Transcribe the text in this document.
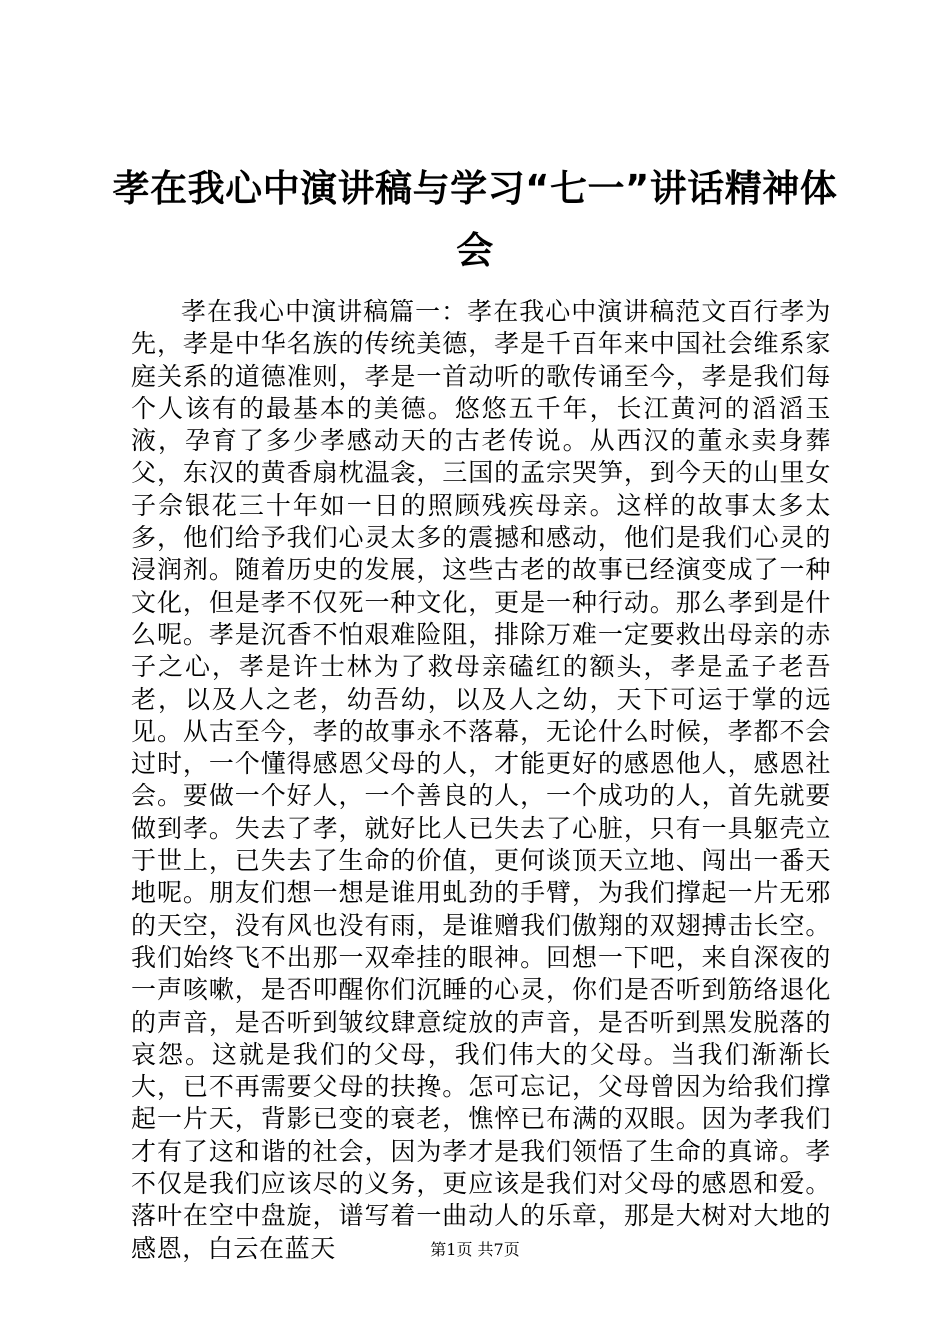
孝在我心中演讲稿与学习“七一”讲话精神体会

孝在我心中演讲稿篇一：孝在我心中演讲稿范文百行孝为先，孝是中华名族的传统美德，孝是千百年来中国社会维系家庭关系的道德准则，孝是一首动听的歌传诵至今，孝是我们每个人该有的最基本的美德。悠悠五千年，长江黄河的滔滔玉液，孕育了多少孝感动天的古老传说。从西汉的董永卖身葬父，东汉的黄香扇枕温衾，三国的孟宗哭笋，到今天的山里女子佘银花三十年如一日的照顾残疾母亲。这样的故事太多太多，他们给予我们心灵太多的震撼和感动，他们是我们心灵的浸润剂。随着历史的发展，这些古老的故事已经演变成了一种文化，但是孝不仅死一种文化，更是一种行动。那么孝到是什么呢。孝是沉香不怕艰难险阻，排除万难一定要救出母亲的赤子之心，孝是许士林为了救母亲磕红的额头，孝是孟子老吾老，以及人之老，幼吾幼，以及人之幼，天下可运于掌的远见。从古至今，孝的故事永不落幕，无论什么时候，孝都不会过时，一个懂得感恩父母的人，才能更好的感恩他人，感恩社会。要做一个好人，一个善良的人，一个成功的人，首先就要做到孝。失去了孝，就好比人已失去了心脏，只有一具躯壳立于世上，已失去了生命的价值，更何谈顶天立地、闯出一番天地呢。朋友们想一想是谁用虬劲的手臂，为我们撑起一片无邪的天空，没有风也没有雨，是谁赠我们傲翔的双翅搏击长空。我们始终飞不出那一双牵挂的眼神。回想一下吧，来自深夜的一声咳嗽，是否叩醒你们沉睡的心灵，你们是否听到筋络退化的声音，是否听到皱纹肆意绽放的声音，是否听到黑发脱落的哀怨。这就是我们的父母，我们伟大的父母。当我们渐渐长大，已不再需要父母的扶搀。怎可忘记，父母曾因为给我们撑起一片天，背影已变的衰老，憔悴已布满的双眼。因为孝我们才有了这和谐的社会，因为孝才是我们领悟了生命的真谛。孝不仅是我们应该尽的义务，更应该是我们对父母的感恩和爱。落叶在空中盘旋，谱写着一曲动人的乐章，那是大树对大地的感恩，白云在蓝天	第1页 共7页
